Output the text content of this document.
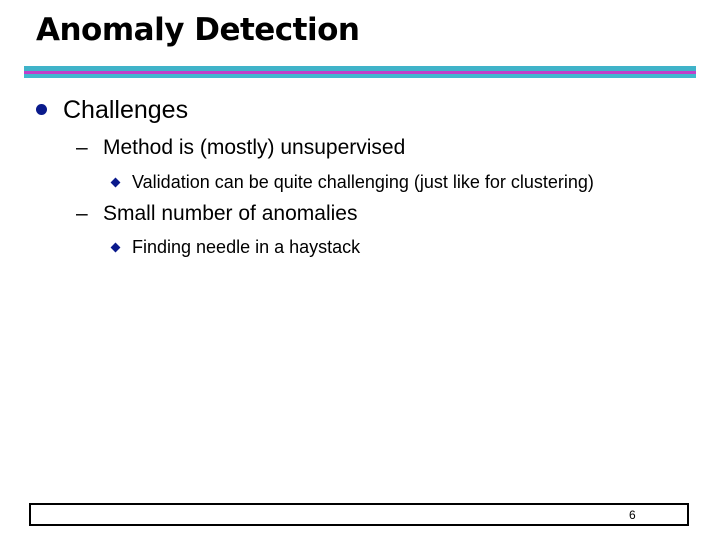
Anomaly Detection
Challenges
– Method is (mostly) unsupervised
Validation can be quite challenging (just like for clustering)
– Small number of anomalies
Finding needle in a haystack
6
